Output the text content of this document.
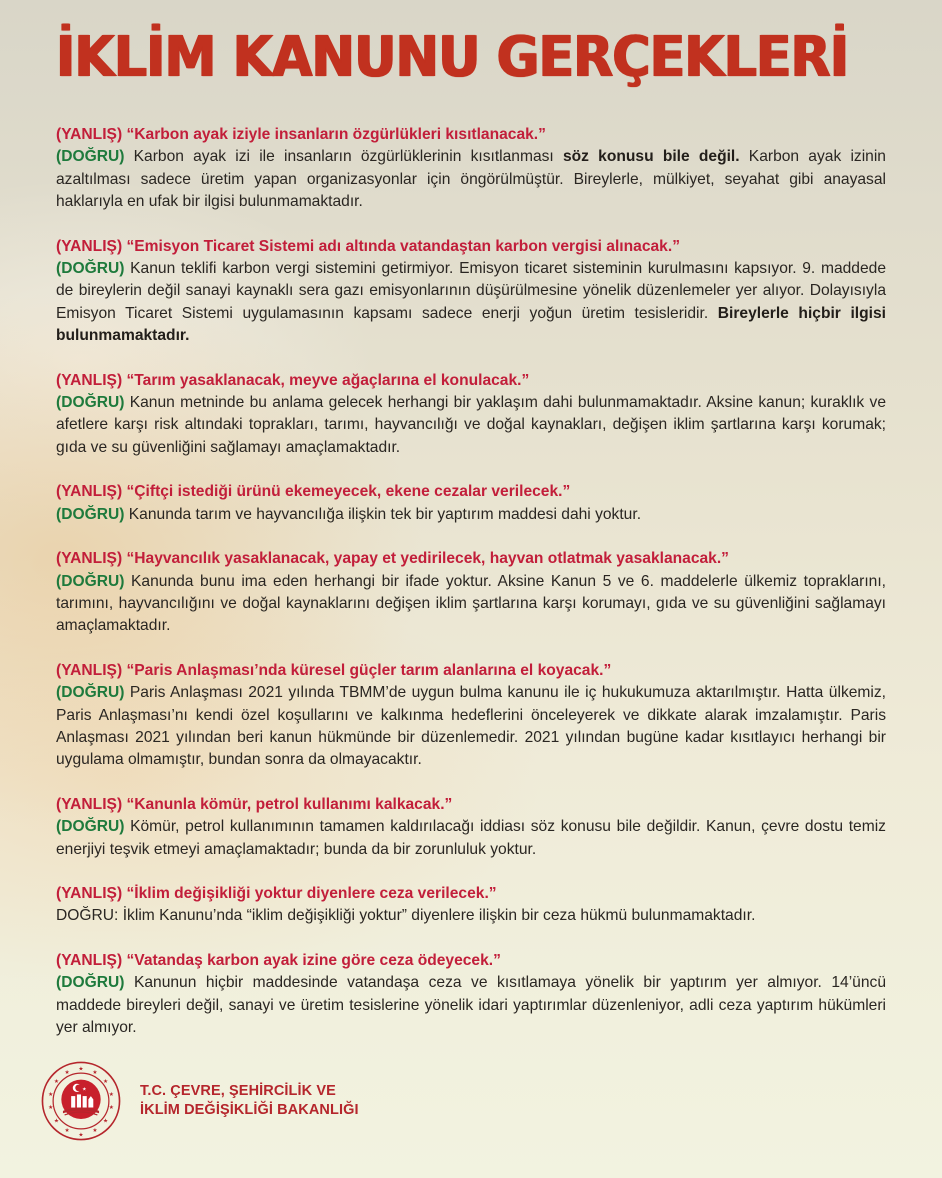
İKLİM KANUNU GERÇEKLERİ

(YANLIŞ) “Karbon ayak iziyle insanların özgürlükleri kısıtlanacak.”

(DOĞRU) Karbon ayak izi ile insanların özgürlüklerinin kısıtlanması söz konusu bile değil. Karbon ayak izinin azaltılması sadece üretim yapan organizasyonlar için öngörülmüştür. Bireylerle, mülkiyet, seyahat gibi anayasal haklarıyla en ufak bir ilgisi bulunmamaktadır.

(YANLIŞ) “Emisyon Ticaret Sistemi adı altında vatandaştan karbon vergisi alınacak.”

(DOĞRU) Kanun teklifi karbon vergi sistemini getirmiyor. Emisyon ticaret sisteminin kurulmasını kapsıyor. 9. maddede de bireylerin değil sanayi kaynaklı sera gazı emisyonlarının düşürülmesine yönelik düzenlemeler yer alıyor. Dolayısıyla Emisyon Ticaret Sistemi uygulamasının kapsamı sadece enerji yoğun üretim tesisleridir. Bireylerle hiçbir ilgisi bulunmamaktadır.

(YANLIŞ) “Tarım yasaklanacak, meyve ağaçlarına el konulacak.”

(DOĞRU) Kanun metninde bu anlama gelecek herhangi bir yaklaşım dahi bulunmamaktadır. Aksine kanun; kuraklık ve afetlere karşı risk altındaki toprakları, tarımı, hayvancılığı ve doğal kaynakları, değişen iklim şartlarına karşı korumak; gıda ve su güvenliğini sağlamayı amaçlamaktadır.

(YANLIŞ) “Çiftçi istediği ürünü ekemeyecek, ekene cezalar verilecek.”

(DOĞRU) Kanunda tarım ve hayvancılığa ilişkin tek bir yaptırım maddesi dahi yoktur.

(YANLIŞ) “Hayvancılık yasaklanacak, yapay et yedirilecek, hayvan otlatmak yasaklanacak.”

(DOĞRU) Kanunda bunu ima eden herhangi bir ifade yoktur. Aksine Kanun 5 ve 6. maddelerle ülkemiz topraklarını, tarımını, hayvancılığını ve doğal kaynaklarını değişen iklim şartlarına karşı korumayı, gıda ve su güvenliğini sağlamayı amaçlamaktadır.

(YANLIŞ) “Paris Anlaşması’nda küresel güçler tarım alanlarına el koyacak.”

(DOĞRU) Paris Anlaşması 2021 yılında TBMM’de uygun bulma kanunu ile iç hukukumuza aktarılmıştır. Hatta ülkemiz, Paris Anlaşması’nı kendi özel koşullarını ve kalkınma hedeflerini önceleyerek ve dikkate alarak imzalamıştır. Paris Anlaşması 2021 yılından beri kanun hükmünde bir düzenlemedir. 2021 yılından bugüne kadar kısıtlayıcı herhangi bir uygulama olmamıştır, bundan sonra da olmayacaktır.

(YANLIŞ) “Kanunla kömür, petrol kullanımı kalkacak.”

(DOĞRU) Kömür, petrol kullanımının tamamen kaldırılacağı iddiası söz konusu bile değildir. Kanun, çevre dostu temiz enerjiyi teşvik etmeyi amaçlamaktadır; bunda da bir zorunluluk yoktur.

(YANLIŞ) “İklim değişikliği yoktur diyenlere ceza verilecek.”

DOĞRU: İklim Kanunu’nda “iklim değişikliği yoktur” diyenlere ilişkin bir ceza hükmü bulunmamaktadır.

(YANLIŞ) “Vatandaş karbon ayak izine göre ceza ödeyecek.”

(DOĞRU) Kanunun hiçbir maddesinde vatandaşa ceza ve kısıtlamaya yönelik bir yaptırım yer almıyor. 14’üncü maddede bireyleri değil, sanayi ve üretim tesislerine yönelik idari yaptırımlar düzenleniyor, adli ceza yaptırım hükümleri yer almıyor.

★
★
★
★
★
★
★
★
★
★
★
★
★
★
★	T.C. ÇEVRE, ŞEHİRCİLİK VE
İKLİM DEĞİŞİKLİĞİ BAKANLIĞI
